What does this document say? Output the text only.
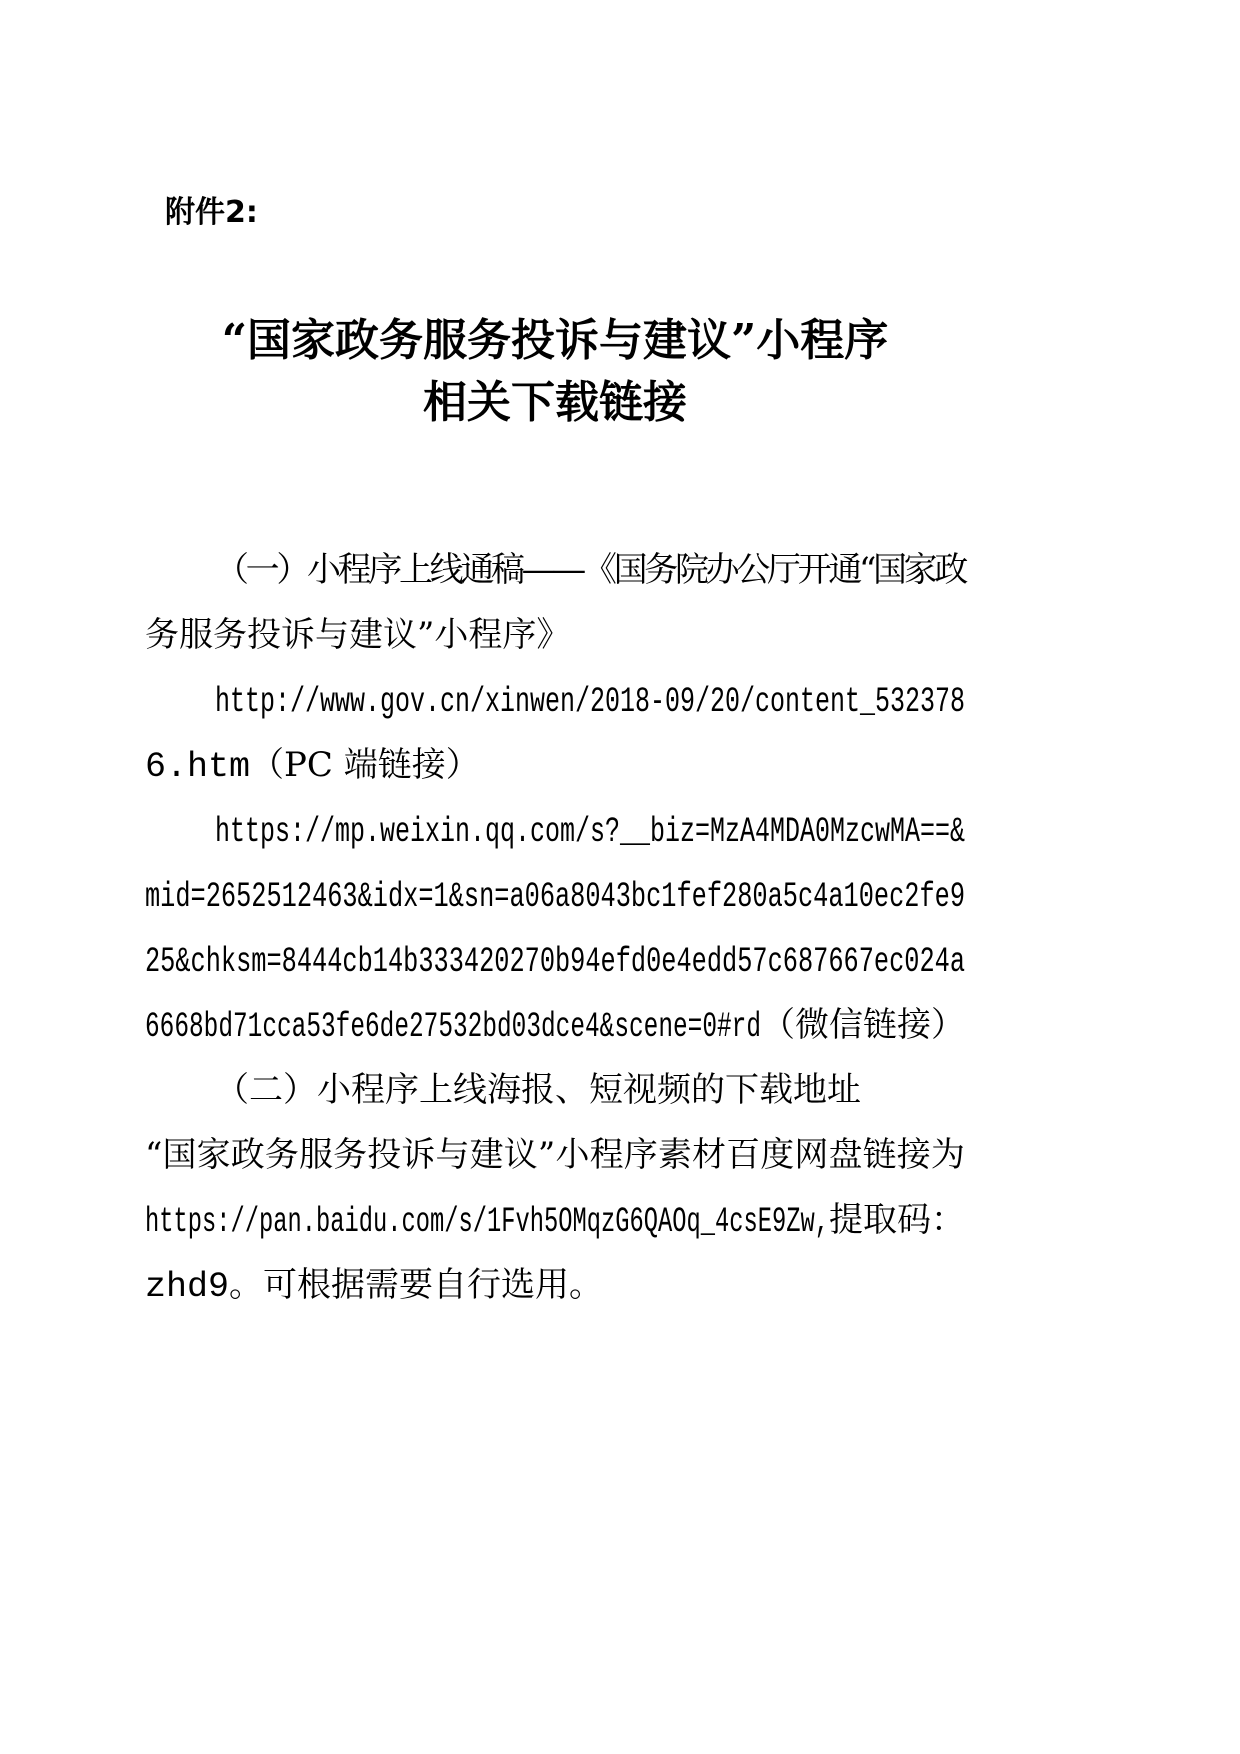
附件2:
“国家政务服务投诉与建议”小程序
相关下载链接
（一）小程序上线通稿——《国务院办公厅开通“国家政
务服务投诉与建议”小程序》
http://www.gov.cn/xinwen/2018-09/20/content_532378
6.htm（PC 端链接）
https://mp.weixin.qq.com/s?__biz=MzA4MDA0MzcwMA==&
mid=2652512463&idx=1&sn=a06a8043bc1fef280a5c4a10ec2fe9
25&chksm=8444cb14b333420270b94efd0e4edd57c687667ec024a
6668bd71cca53fe6de27532bd03dce4&scene=0#rd（微信链接）
（二）小程序上线海报、短视频的下载地址
“国家政务服务投诉与建议”小程序素材百度网盘链接为
https://pan.baidu.com/s/1Fvh5OMqzG6QAOq_4csE9Zw,提取码：
zhd9。可根据需要自行选用。
